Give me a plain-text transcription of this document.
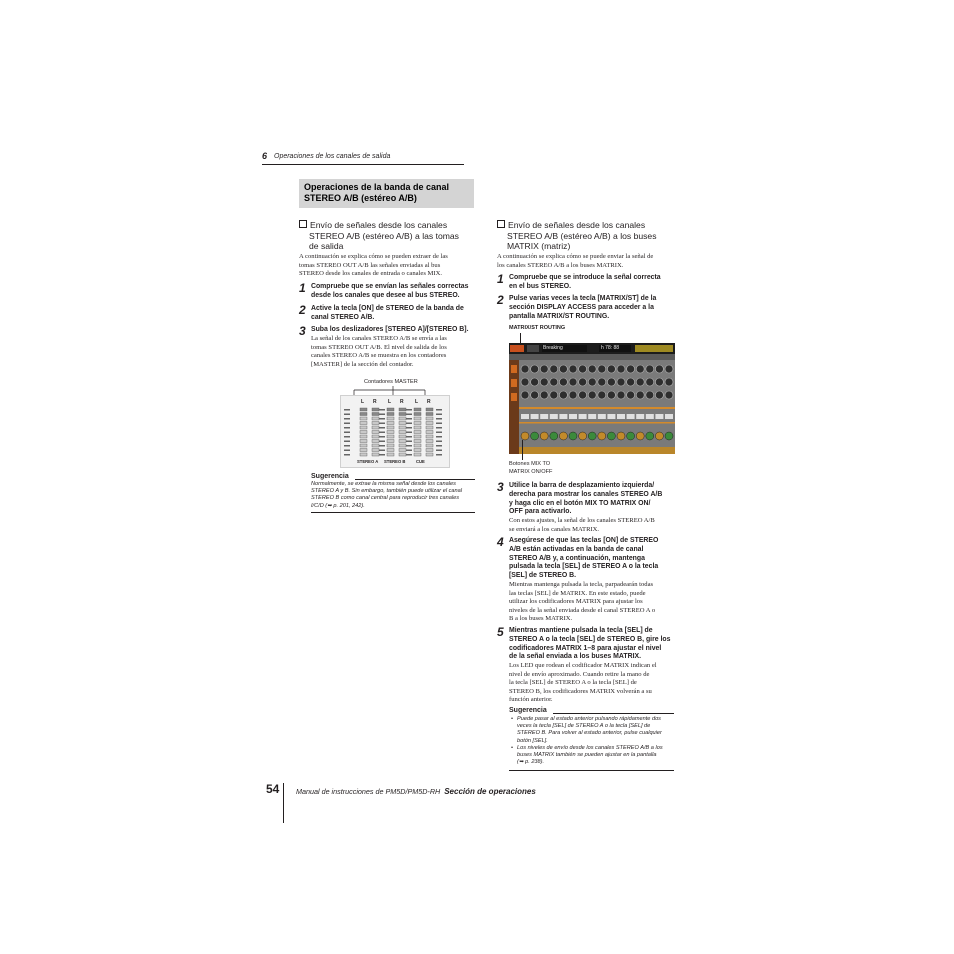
6 Operaciones de los canales de salida
Operaciones de la banda de canal STEREO A/B (estéreo A/B)
Envío de señales desde los canales
STEREO A/B (estéreo A/B) a las tomas
de salida
A continuación se explica cómo se pueden extraer de las
tomas STEREO OUT A/B las señales enviadas al bus
STEREO desde los canales de entrada o canales MIX.
1 Compruebe que se envían las señales correctas
desde los canales que desee al bus STEREO.
2 Active la tecla [ON] de STEREO de la banda de
canal STEREO A/B.
3 Suba los deslizadores [STEREO A]/[STEREO B].
La señal de los canales STEREO A/B se envía a las
tomas STEREO OUT A/B. El nivel de salida de los
canales STEREO A/B se muestra en los contadores
[MASTER] de la sección del contador.
Contadores MASTER
L R L R L R
STEREO A STEREO B	CUE
Sugerencia
Normalmente, se extrae la misma señal desde los canales
STEREO A y B. Sin embargo, también puede utilizar el canal
STEREO B como canal central para reproducir tres canales
I/C/D (➥ p. 201, 242).
Envío de señales desde los canales
STEREO A/B (estéreo A/B) a los buses
MATRIX (matriz)
A continuación se explica cómo se puede enviar la señal de
los canales STEREO A/B a los buses MATRIX.
1 Compruebe que se introduce la señal correcta
en el bus STEREO.
2 Pulse varias veces la tecla [MATRIX/ST] de la
sección DISPLAY ACCESS para acceder a la
pantalla MATRIX/ST ROUTING.
MATRIX/ST ROUTING
Breaking	h 78: 88
Botones MIX TO
MATRIX ON/OFF
3 Utilice la barra de desplazamiento izquierda/
derecha para mostrar los canales STEREO A/B
y haga clic en el botón MIX TO MATRIX ON/
OFF para activarlo.
Con estos ajustes, la señal de los canales STEREO A/B
se enviará a los canales MATRIX.
4 Asegúrese de que las teclas [ON] de STEREO
A/B están activadas en la banda de canal
STEREO A/B y, a continuación, mantenga
pulsada la tecla [SEL] de STEREO A o la tecla
[SEL] de STEREO B.
Mientras mantenga pulsada la tecla, parpadearán todas
las teclas [SEL] de MATRIX. En este estado, puede
utilizar los codificadores MATRIX para ajustar los
niveles de la señal enviada desde el canal STEREO A o
B a los buses MATRIX.
5 Mientras mantiene pulsada la tecla [SEL] de
STEREO A o la tecla [SEL] de STEREO B, gire los
codificadores MATRIX 1–8 para ajustar el nivel
de la señal enviada a los buses MATRIX.
Los LED que rodean el codificador MATRIX indican el
nivel de envío aproximado. Cuando retire la mano de
la tecla [SEL] de STEREO A o la tecla [SEL] de
STEREO B, los codificadores MATRIX volverán a su
función anterior.
Sugerencia
• Puede pasar al estado anterior pulsando rápidamente dos
veces la tecla [SEL] de STEREO A o la tecla [SEL] de
STEREO B. Para volver al estado anterior, pulse cualquier
botón [SEL].
• Los niveles de envío desde los canales STEREO A/B a los
buses MATRIX también se pueden ajustar en la pantalla
(➥ p. 238).
54 Manual de instrucciones de PM5D/PM5D-RH Sección de operaciones
